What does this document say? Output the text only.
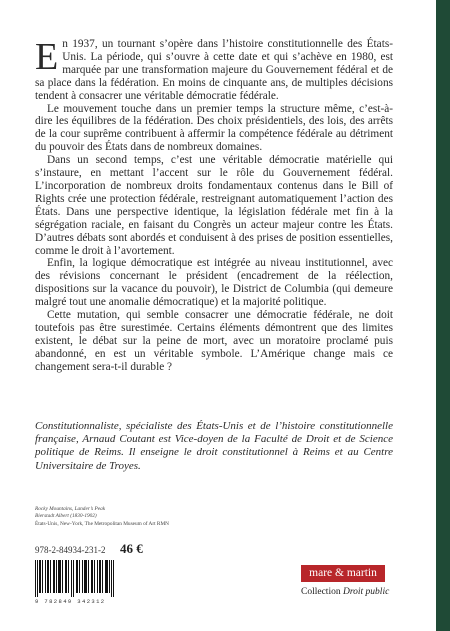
En 1937, un tournant s’opère dans l’histoire constitutionnelle des États-Unis. La période, qui s’ouvre à cette date et qui s’achève en 1980, est marquée par une transformation majeure du Gouvernement fédéral et de sa place dans la fédération. En moins de cinquante ans, de multiples décisions tendent à consacrer une véritable démocratie fédérale.

Le mouvement touche dans un premier temps la structure même, c’est-à-dire les équilibres de la fédération. Des choix présidentiels, des lois, des arrêts de la cour suprême contribuent à affermir la compétence fédérale au détriment du pouvoir des États dans de nombreux domaines.

Dans un second temps, c’est une véritable démocratie matérielle qui s’instaure, en mettant l’accent sur le rôle du Gouvernement fédéral. L’incorporation de nombreux droits fondamentaux contenus dans le Bill of Rights crée une protection fédérale, restreignant automatiquement l’action des États. Dans une perspective identique, la législation fédérale met fin à la ségrégation raciale, en faisant du Congrès un acteur majeur contre les États. D’autres débats sont abordés et conduisent à des prises de position essentielles, comme le droit à l’avortement.

Enfin, la logique démocratique est intégrée au niveau institutionnel, avec des révisions concernant le président (encadrement de la réélection, dispositions sur la vacance du pouvoir), le District de Columbia (qui demeure malgré tout une anomalie démocratique) et la majorité politique.

Cette mutation, qui semble consacrer une démocratie fédérale, ne doit toutefois pas être surestimée. Certains éléments démontrent que des limites existent, le débat sur la peine de mort, avec un moratoire proclamé puis abandonné, en est un véritable symbole. L’Amérique change mais ce changement sera-t-il durable ?

Constitutionnaliste, spécialiste des États-Unis et de l’histoire constitutionnelle française, Arnaud Coutant est Vice-doyen de la Faculté de Droit et de Science politique de Reims. Il enseigne le droit constitutionnel à Reims et au Centre Universitaire de Troyes.

Rocky Mountains, Lander’s Peak
Bierstadt Albert (1830-1902)
États-Unis, New-York, The Metropolitan Museum of Art RMN
978-2-84934-231-2 46 €
9 782849 342312
mare & martin
Collection Droit public
